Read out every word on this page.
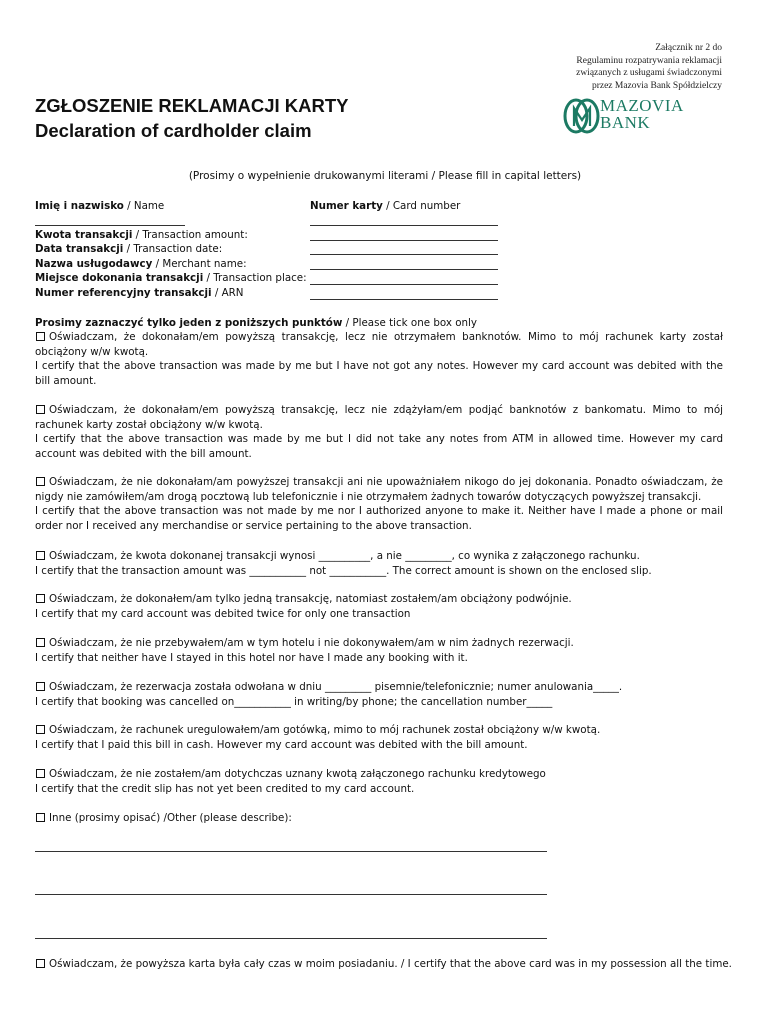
Załącznik nr 2 do
Regulaminu rozpatrywania reklamacji
związanych z usługami świadczonymi
przez Mazovia Bank Spółdzielczy
ZGŁOSZENIE REKLAMACJI KARTY
Declaration of cardholder claim
MAZOVIA
BANK
(Prosimy o wypełnienie drukowanymi literami / Please fill in capital letters)
Imię i nazwisko / Name	Numer karty / Card number
Kwota transakcji / Transaction amount:
Data transakcji / Transaction date:
Nazwa usługodawcy / Merchant name:
Miejsce dokonania transakcji / Transaction place:
Numer referencyjny transakcji / ARN
Prosimy zaznaczyć tylko jeden z poniższych punktów / Please tick one box only

Oświadczam, że dokonałam/em powyższą transakcję, lecz nie otrzymałem banknotów. Mimo to mój rachunek karty został obciążony w/w kwotą.

I certify that the above transaction was made by me but I have not got any notes. However my card account was debited with the bill amount.

Oświadczam, że dokonałam/em powyższą transakcję, lecz nie zdążyłam/em podjąć banknotów z bankomatu. Mimo to mój rachunek karty został obciążony w/w kwotą.

I certify that the above transaction was made by me but I did not take any notes from ATM in allowed time. However my card account was debited with the bill amount.

Oświadczam, że nie dokonałam/am powyższej transakcji ani nie upoważniałem nikogo do jej dokonania. Ponadto oświadczam, że nigdy nie zamówiłem/am drogą pocztową lub telefonicznie i nie otrzymałem żadnych towarów dotyczących powyższej transakcji.

I certify that the above transaction was not made by me nor I authorized anyone to make it. Neither have I made a phone or mail order nor I received any merchandise or service pertaining to the above transaction.

Oświadczam, że kwota dokonanej transakcji wynosi __________, a nie _________, co wynika z załączonego rachunku.

I certify that the transaction amount was ___________ not ___________. The correct amount is shown on the enclosed slip.

Oświadczam, że dokonałem/am tylko jedną transakcję, natomiast zostałem/am obciążony podwójnie.

I certify that my card account was debited twice for only one transaction

Oświadczam, że nie przebywałem/am w tym hotelu i nie dokonywałem/am w nim żadnych rezerwacji.

I certify that neither have I stayed in this hotel nor have I made any booking with it.

Oświadczam, że rezerwacja została odwołana w dniu _________ pisemnie/telefonicznie; numer anulowania_____.

I certify that booking was cancelled on___________ in writing/by phone; the cancellation number_____

Oświadczam, że rachunek uregulowałem/am gotówką, mimo to mój rachunek został obciążony w/w kwotą.

I certify that I paid this bill in cash. However my card account was debited with the bill amount.

Oświadczam, że nie zostałem/am dotychczas uznany kwotą załączonego rachunku kredytowego

I certify that the credit slip has not yet been credited to my card account.

Inne (prosimy opisać) /Other (please describe):

Oświadczam, że powyższa karta była cały czas w moim posiadaniu. / I certify that the above card was in my possession all the time.
